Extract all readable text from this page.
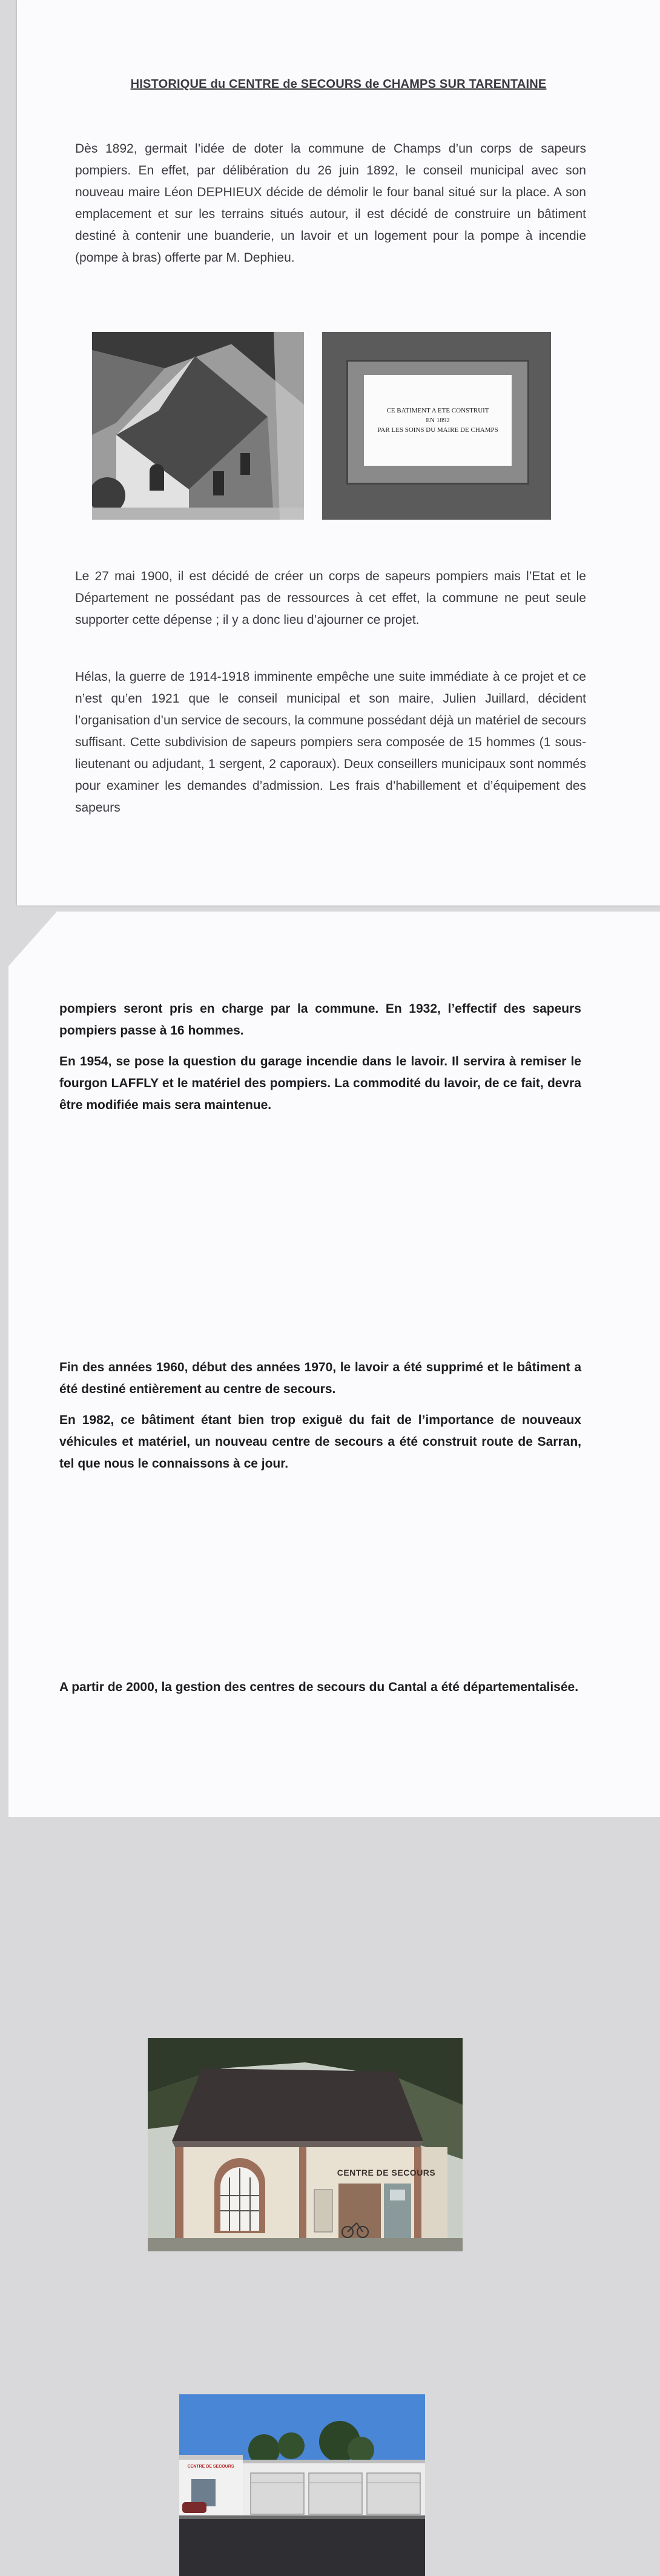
HISTORIQUE du CENTRE de SECOURS de CHAMPS SUR TARENTAINE
Dès 1892, germait l’idée de doter la commune de Champs d’un corps de sapeurs pompiers. En effet, par délibération du 26 juin 1892, le conseil municipal avec son nouveau maire Léon DEPHIEUX décide de démolir le four banal situé sur la place. A son emplacement et sur les terrains situés autour, il est décidé de construire un bâtiment destiné à contenir une buanderie, un lavoir et un logement pour la pompe à incendie (pompe à bras) offerte par M. Dephieu.
CE BATIMENT A ETE CONSTRUIT
EN 1892
PAR LES SOINS DU MAIRE DE CHAMPS
Le 27 mai 1900, il est décidé de créer un corps de sapeurs pompiers mais l’Etat et le Département ne possédant pas de ressources à cet effet, la commune ne peut seule supporter cette dépense ; il y a donc lieu d’ajourner ce projet.
Hélas, la guerre de 1914-1918 imminente empêche une suite immédiate à ce projet et ce n’est qu’en 1921 que le conseil municipal et son maire, Julien Juillard, décident l’organisation d’un service de secours, la commune possédant déjà un matériel de secours suffisant. Cette subdivision de sapeurs pompiers sera composée de 15 hommes (1 sous-lieutenant ou adjudant, 1 sergent, 2 caporaux). Deux conseillers municipaux sont nommés pour examiner les demandes d’admission. Les frais d’habillement et d’équipement des sapeurs
pompiers seront pris en charge par la commune. En 1932, l’effectif des sapeurs pompiers passe à 16 hommes.
En 1954, se pose la question du garage incendie dans le lavoir. Il servira à remiser le fourgon LAFFLY et le matériel des pompiers. La commodité du lavoir, de ce fait, devra être modifiée mais sera maintenue.
CENTRE DE SECOURS
Fin des années 1960, début des années 1970, le lavoir a été supprimé et le bâtiment a été destiné entièrement au centre de secours.
En 1982, ce bâtiment étant bien trop exiguë du fait de l’importance de nouveaux véhicules et matériel, un nouveau centre de secours a été construit route de Sarran, tel que nous le connaissons à ce jour.
CENTRE DE SECOURS
A partir de 2000, la gestion des centres de secours du Cantal a été départementalisée.
